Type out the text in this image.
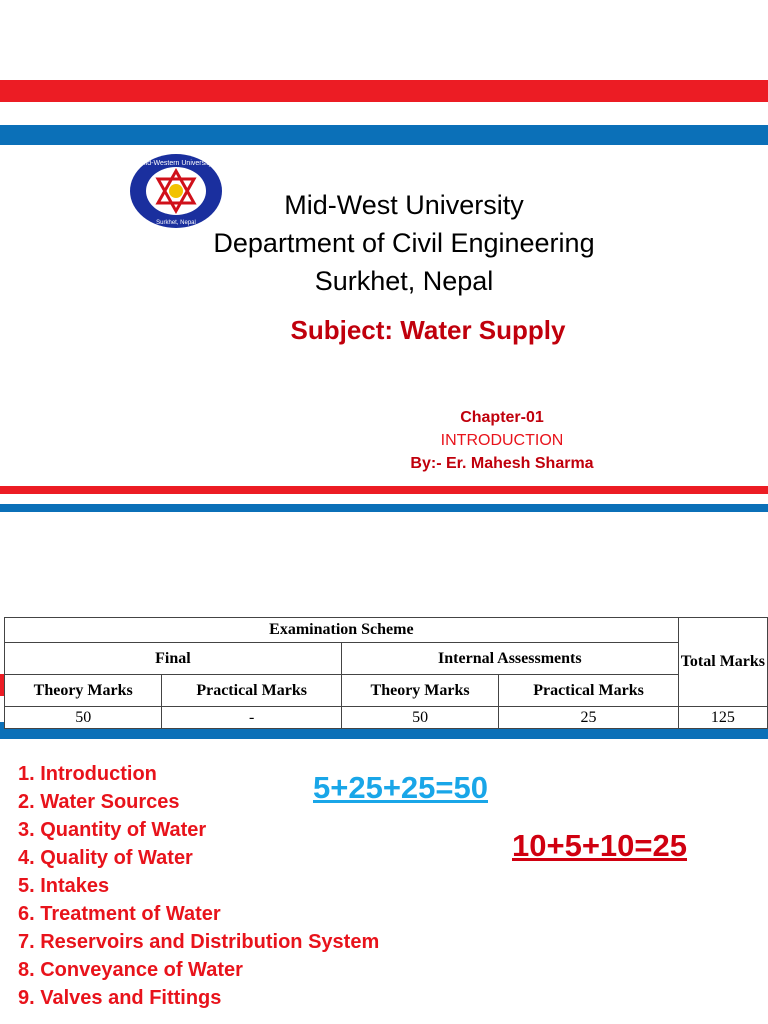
Mid-Western University
Surkhet, Nepal
Mid-West University
Department of Civil Engineering
Surkhet, Nepal
Subject: Water Supply
Chapter-01
INTRODUCTION
By:- Er. Mahesh Sharma
Examination Scheme				Total Marks
Final		Internal Assessments		
Theory Marks	Practical Marks	Theory Marks	Practical Marks	
50	-	50	25	125
1. Introduction
2. Water Sources
3. Quantity of Water
4. Quality of Water
5. Intakes
6. Treatment of Water
7. Reservoirs and Distribution System
8. Conveyance of Water
9. Valves and Fittings
5+25+25=50
10+5+10=25
